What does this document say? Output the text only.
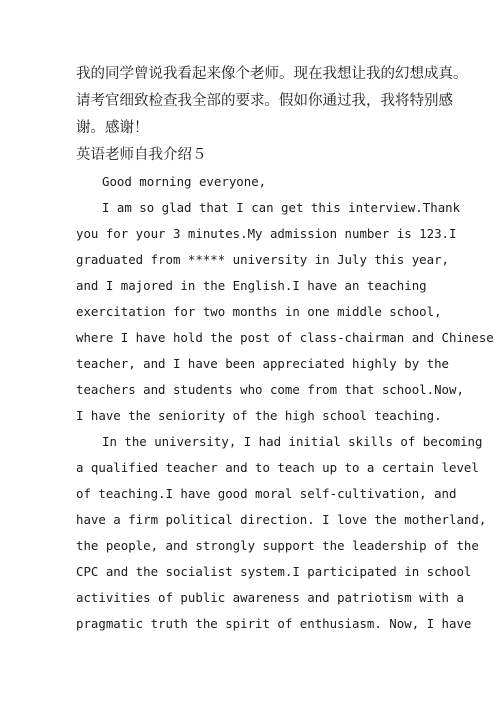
我的同学曾说我看起来像个老师。现在我想让我的幻想成真。
请考官细致检查我全部的要求。假如你通过我，我将特别感
谢。感谢！
英语老师自我介绍５
Good morning everyone,
I am so glad that I can get this interview.Thank
you for your 3 minutes.My admission number is 123.I
graduated from ***** university in July this year,
and I majored in the English.I have an teaching
exercitation for two months in one middle school,
where I have hold the post of class-chairman and Chinese
teacher, and I have been appreciated highly by the
teachers and students who come from that school.Now,
I have the seniority of the high school teaching.
In the university, I had initial skills of becoming
a qualified teacher and to teach up to a certain level
of teaching.I have good moral self-cultivation, and
have a firm political direction. I love the motherland,
the people, and strongly support the leadership of the
CPC and the socialist system.I participated in school
activities of public awareness and patriotism with a
pragmatic truth the spirit of enthusiasm. Now, I have
